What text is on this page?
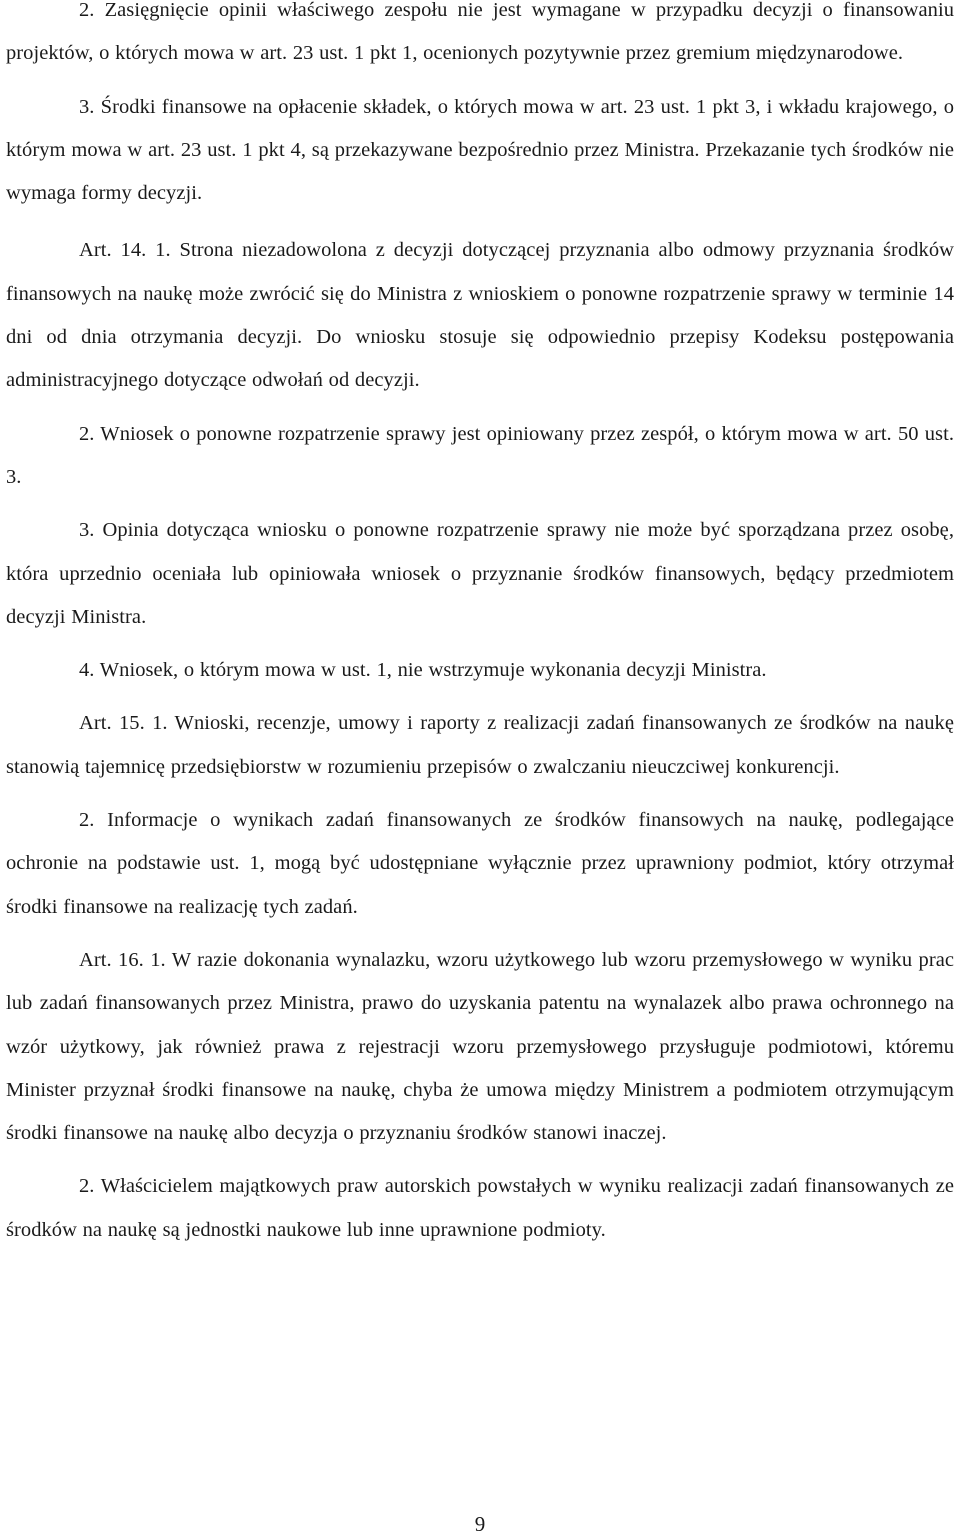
2. Zasięgnięcie opinii właściwego zespołu nie jest wymagane w przypadku decyzji o finansowaniu projektów, o których mowa w art. 23 ust. 1 pkt 1, ocenionych pozytywnie przez gremium międzynarodowe.

3. Środki finansowe na opłacenie składek, o których mowa w art. 23 ust. 1 pkt 3, i wkładu krajowego, o którym mowa w art. 23 ust. 1 pkt 4, są przekazywane bezpośrednio przez Ministra. Przekazanie tych środków nie wymaga formy decyzji.

Art. 14. 1. Strona niezadowolona z decyzji dotyczącej przyznania albo odmowy przyznania środków finansowych na naukę może zwrócić się do Ministra z wnioskiem o ponowne rozpatrzenie sprawy w terminie 14 dni od dnia otrzymania decyzji. Do wniosku stosuje się odpowiednio przepisy Kodeksu postępowania administracyjnego dotyczące odwołań od decyzji.

2. Wniosek o ponowne rozpatrzenie sprawy jest opiniowany przez zespół, o którym mowa w art. 50 ust. 3.

3. Opinia dotycząca wniosku o ponowne rozpatrzenie sprawy nie może być sporządzana przez osobę, która uprzednio oceniała lub opiniowała wniosek o przyznanie środków finansowych, będący przedmiotem decyzji Ministra.

4. Wniosek, o którym mowa w ust. 1, nie wstrzymuje wykonania decyzji Ministra.

Art. 15. 1. Wnioski, recenzje, umowy i raporty z realizacji zadań finansowanych ze środków na naukę stanowią tajemnicę przedsiębiorstw w rozumieniu przepisów o zwalczaniu nieuczciwej konkurencji.

2. Informacje o wynikach zadań finansowanych ze środków finansowych na naukę, podlegające ochronie na podstawie ust. 1, mogą być udostępniane wyłącznie przez uprawniony podmiot, który otrzymał środki finansowe na realizację tych zadań.

Art. 16. 1. W razie dokonania wynalazku, wzoru użytkowego lub wzoru przemysłowego w wyniku prac lub zadań finansowanych przez Ministra, prawo do uzyskania patentu na wynalazek albo prawa ochronnego na wzór użytkowy, jak również prawa z rejestracji wzoru przemysłowego przysługuje podmiotowi, któremu Minister przyznał środki finansowe na naukę, chyba że umowa między Ministrem a podmiotem otrzymującym środki finansowe na naukę albo decyzja o przyznaniu środków stanowi inaczej.

2. Właścicielem majątkowych praw autorskich powstałych w wyniku realizacji zadań finansowanych ze środków na naukę są jednostki naukowe lub inne uprawnione podmioty.

9
